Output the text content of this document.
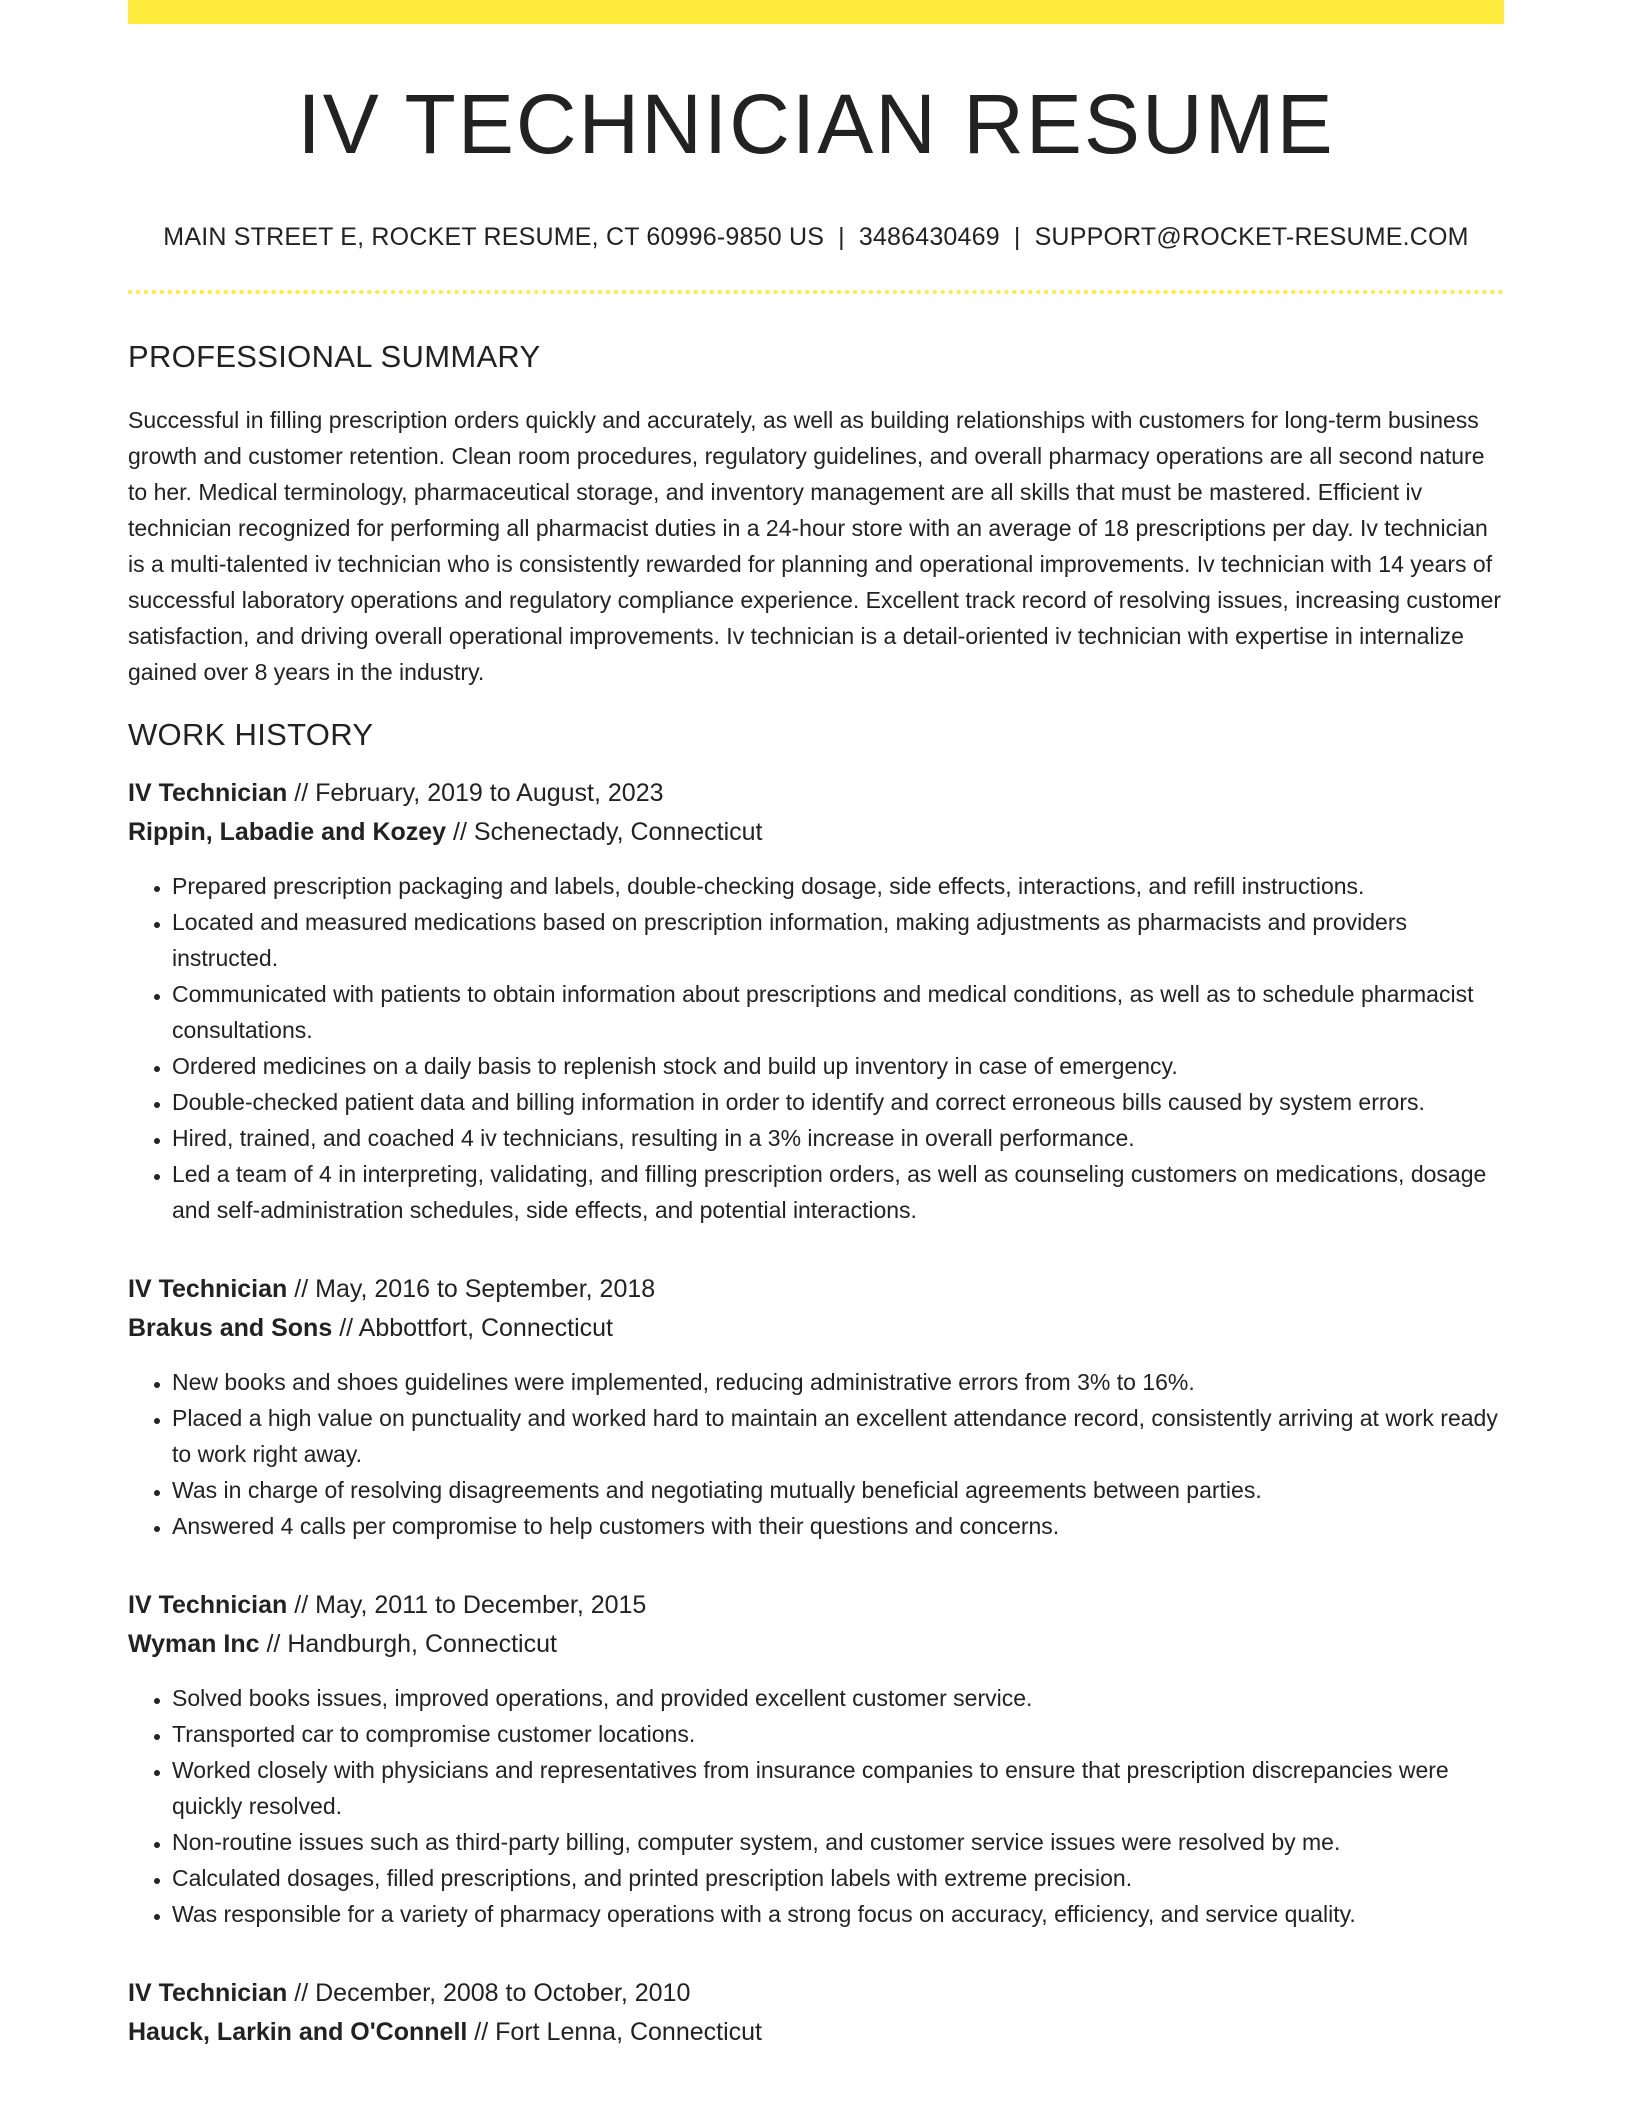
IV TECHNICIAN RESUME
MAIN STREET E, ROCKET RESUME, CT 60996-9850 US | 3486430469 | SUPPORT@ROCKET-RESUME.COM
PROFESSIONAL SUMMARY

Successful in filling prescription orders quickly and accurately, as well as building relationships with customers for long-term business growth and customer retention. Clean room procedures, regulatory guidelines, and overall pharmacy operations are all second nature to her. Medical terminology, pharmaceutical storage, and inventory management are all skills that must be mastered. Efficient iv technician recognized for performing all pharmacist duties in a 24-hour store with an average of 18 prescriptions per day. Iv technician is a multi-talented iv technician who is consistently rewarded for planning and operational improvements. Iv technician with 14 years of successful laboratory operations and regulatory compliance experience. Excellent track record of resolving issues, increasing customer satisfaction, and driving overall operational improvements. Iv technician is a detail-oriented iv technician with expertise in internalize gained over 8 years in the industry.

WORK HISTORY
IV Technician // February, 2019 to August, 2023
Rippin, Labadie and Kozey // Schenectady, Connecticut
• Prepared prescription packaging and labels, double-checking dosage, side effects, interactions, and refill instructions.
• Located and measured medications based on prescription information, making adjustments as pharmacists and providers instructed.
• Communicated with patients to obtain information about prescriptions and medical conditions, as well as to schedule pharmacist consultations.
• Ordered medicines on a daily basis to replenish stock and build up inventory in case of emergency.
• Double-checked patient data and billing information in order to identify and correct erroneous bills caused by system errors.
• Hired, trained, and coached 4 iv technicians, resulting in a 3% increase in overall performance.
• Led a team of 4 in interpreting, validating, and filling prescription orders, as well as counseling customers on medications, dosage and self-administration schedules, side effects, and potential interactions.
IV Technician // May, 2016 to September, 2018
Brakus and Sons // Abbottfort, Connecticut
• New books and shoes guidelines were implemented, reducing administrative errors from 3% to 16%.
• Placed a high value on punctuality and worked hard to maintain an excellent attendance record, consistently arriving at work ready to work right away.
• Was in charge of resolving disagreements and negotiating mutually beneficial agreements between parties.
• Answered 4 calls per compromise to help customers with their questions and concerns.
IV Technician // May, 2011 to December, 2015
Wyman Inc // Handburgh, Connecticut
• Solved books issues, improved operations, and provided excellent customer service.
• Transported car to compromise customer locations.
• Worked closely with physicians and representatives from insurance companies to ensure that prescription discrepancies were quickly resolved.
• Non-routine issues such as third-party billing, computer system, and customer service issues were resolved by me.
• Calculated dosages, filled prescriptions, and printed prescription labels with extreme precision.
• Was responsible for a variety of pharmacy operations with a strong focus on accuracy, efficiency, and service quality.
IV Technician // December, 2008 to October, 2010
Hauck, Larkin and O'Connell // Fort Lenna, Connecticut
